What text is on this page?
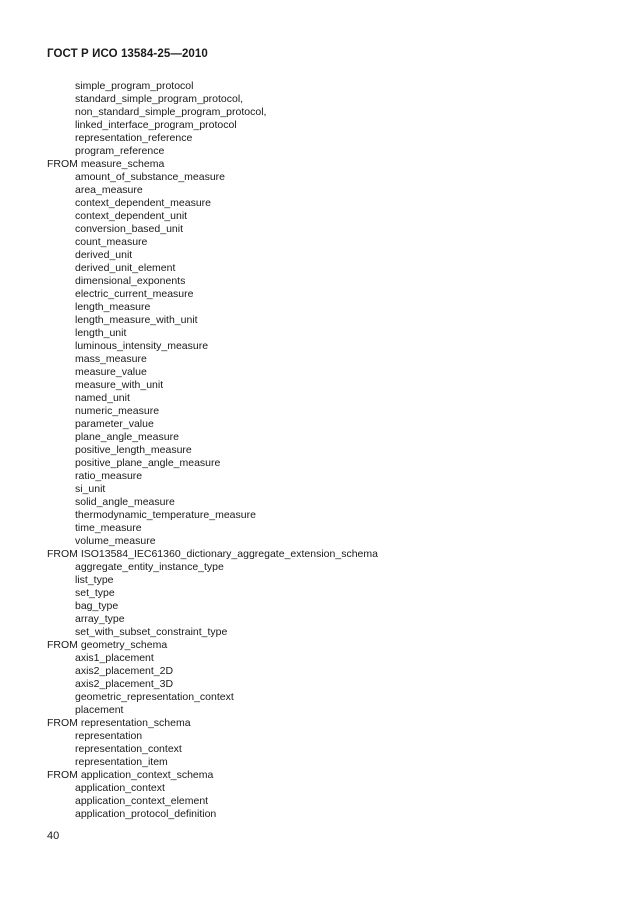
ГОСТ Р ИСО 13584-25—2010
simple_program_protocol
standard_simple_program_protocol,
non_standard_simple_program_protocol,
linked_interface_program_protocol
representation_reference
program_reference
FROM measure_schema
amount_of_substance_measure
area_measure
context_dependent_measure
context_dependent_unit
conversion_based_unit
count_measure
derived_unit
derived_unit_element
dimensional_exponents
electric_current_measure
length_measure
length_measure_with_unit
length_unit
luminous_intensity_measure
mass_measure
measure_value
measure_with_unit
named_unit
numeric_measure
parameter_value
plane_angle_measure
positive_length_measure
positive_plane_angle_measure
ratio_measure
si_unit
solid_angle_measure
thermodynamic_temperature_measure
time_measure
volume_measure
FROM ISO13584_IEC61360_dictionary_aggregate_extension_schema
aggregate_entity_instance_type
list_type
set_type
bag_type
array_type
set_with_subset_constraint_type
FROM geometry_schema
axis1_placement
axis2_placement_2D
axis2_placement_3D
geometric_representation_context
placement
FROM representation_schema
representation
representation_context
representation_item
FROM application_context_schema
application_context
application_context_element
application_protocol_definition
40
